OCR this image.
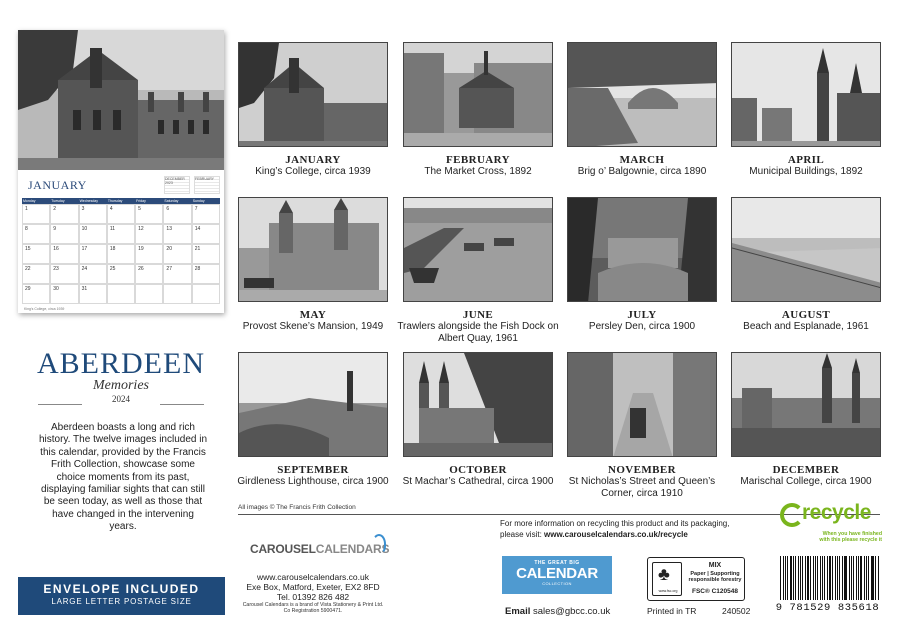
JANUARY	DECEMBER 2023
FEBRUARY
Monday	Tuesday	Wednesday	Thursday	Friday	Saturday	Sunday
1	2	3	4	5	6	7
8	9	10	11	12	13	14
15	16	17	18	19	20	21
22	23	24	25	26	27	28
29	30	31
King's College, circa 1939
ABERDEEN
Memories
2024
Aberdeen boasts a long and rich history. The twelve images included in this calendar, provided by the Francis Frith Collection, showcase some choice moments from its past, displaying familiar sights that can still be seen today, as well as those that have changed in the intervening years.
ENVELOPE INCLUDED
LARGE LETTER POSTAGE SIZE
JANUARY
King’s College, circa 1939
FEBRUARY
The Market Cross, 1892
MARCH
Brig o’ Balgownie, circa 1890
APRIL
Municipal Buildings, 1892
MAY
Provost Skene’s Mansion, 1949
JUNE
Trawlers alongside the Fish Dock on Albert Quay, 1961
JULY
Persley Den, circa 1900
AUGUST
Beach and Esplanade, 1961
SEPTEMBER
Girdleness Lighthouse, circa 1900
OCTOBER
St Machar’s Cathedral, circa 1900
NOVEMBER
St Nicholas’s Street and Queen’s Corner, circa 1910
DECEMBER
Marischal College, circa 1900
All images © The Francis Frith Collection
CAROUSELCALENDARS
www.carouselcalendars.co.uk
Exe Box, Matford, Exeter, EX2 8FD
Tel. 01392 826 482
Carousel Calendars is a brand of Vista Stationery & Print Ltd.
Co Registration 5900471.
For more information on recycling this product and its packaging,
please visit: www.carouselcalendars.co.uk/recycle
THE GREAT BIG
CALENDAR
COLLECTION	♣
www.fsc.org
MIX
Paper | Supporting
responsible forestry
FSC® C120548
Email sales@gbcc.co.uk	Printed in TR	240502
recycle
When you have finished
with this please recycle it
9 781529 835618
